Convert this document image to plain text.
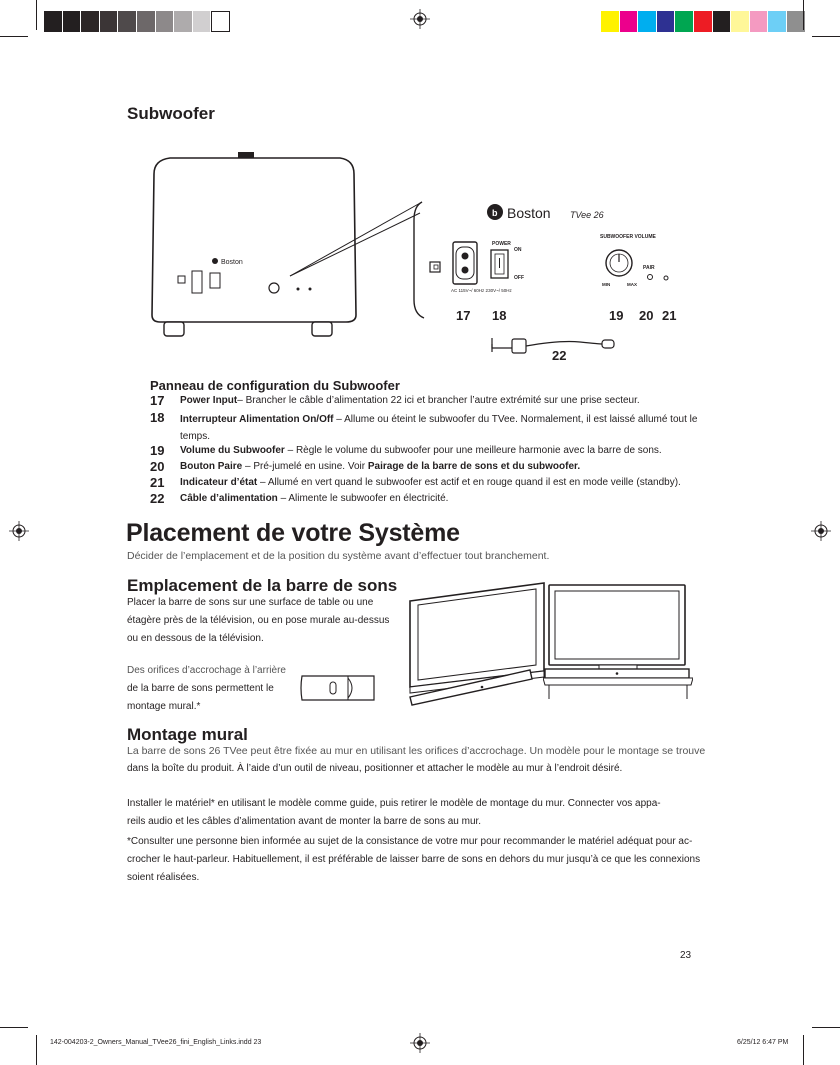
Subwoofer
Boston
b Boston TVee 26
AC 115V~/ 60Hz 230V~/ 50Hz
POWER
ON
OFF
SUBWOOFER VOLUME
MIN	MAX
PAIR
17 18	19 20 21
22
Panneau de configuration du Subwoofer
17	Power Input– Brancher le câble d’alimentation 22 ici et brancher l’autre extrémité sur une prise secteur.
18	Interrupteur Alimentation On/Off – Allume ou éteint le subwoofer du TVee. Normalement, il est laissé allumé tout le temps.
19	Volume du Subwoofer – Règle le volume du subwoofer pour une meilleure harmonie avec la barre de sons.
20	Bouton Paire – Pré-jumelé en usine. Voir Pairage de la barre de sons et du subwoofer.
21	Indicateur d’état – Allumé en vert quand le subwoofer est actif et en rouge quand il est en mode veille (standby).
22	Câble d’alimentation – Alimente le subwoofer en électricité.
Placement de votre Système
Décider de l’emplacement et de la position du système avant d’effectuer tout branchement.
Emplacement de la barre de sons
Placer la barre de sons sur une surface de table ou une
étagère près de la télévision, ou en pose murale au-dessus
ou en dessous de la télévision.
Des orifices d’accrochage à l’arrière
de la barre de sons permettent le
montage mural.*
Montage mural
La barre de sons 26 TVee peut être fixée au mur en utilisant les orifices d’accrochage. Un modèle pour le montage se trouve
dans la boîte du produit. À l’aide d’un outil de niveau, positionner et attacher le modèle au mur à l’endroit désiré.
Installer le matériel* en utilisant le modèle comme guide, puis retirer le modèle de montage du mur. Connecter vos appa-
reils audio et les câbles d’alimentation avant de monter la barre de sons au mur.
*Consulter une personne bien informée au sujet de la consistance de votre mur pour recommander le matériel adéquat pour ac-
crocher le haut-parleur. Habituellement, il est préférable de laisser barre de sons en dehors du mur jusqu’à ce que les connexions
soient réalisées.
23
142-004203-2_Owners_Manual_TVee26_fini_English_Links.indd 23	6/25/12 6:47 PM
